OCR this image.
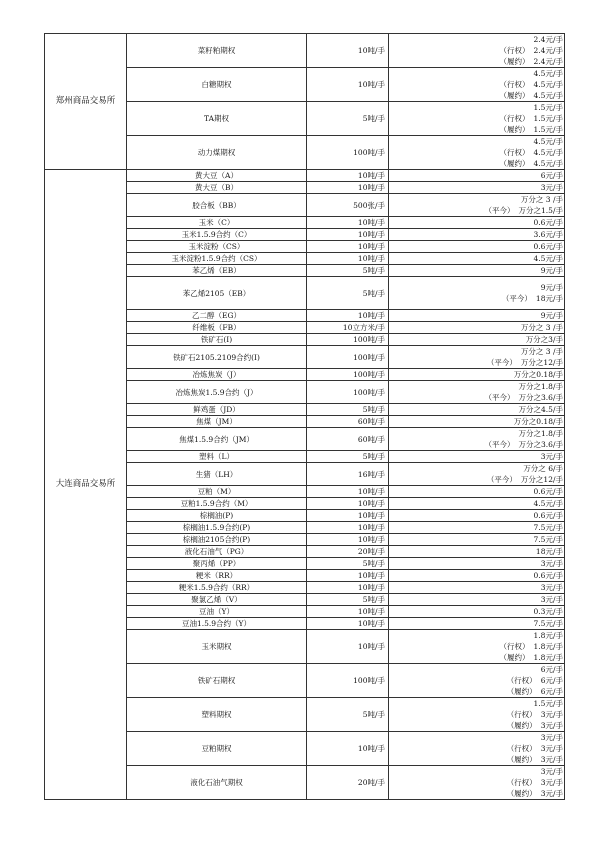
郑州商品交易所	菜籽粕期权	10吨/手	2.4元/手
（行权） 2.4元/手
（履约） 2.4元/手

	白糖期权	10吨/手	4.5元/手
（行权） 4.5元/手
（履约） 4.5元/手

	TA期权	5吨/手	1.5元/手
（行权） 1.5元/手
（履约） 1.5元/手

	动力煤期权	100吨/手	4.5元/手
（行权） 4.5元/手
（履约） 4.5元/手

大连商品交易所	黄大豆（A）	10吨/手	6元/手

	黄大豆（B）	10吨/手	3元/手

	胶合板（BB）	500张/手	万分之 3 /手
（平今） 万分之1.5/手

	玉米（C）	10吨/手	0.6元/手

	玉米1.5.9合约（C）	10吨/手	3.6元/手

	玉米淀粉（CS）	10吨/手	0.6元/手

	玉米淀粉1.5.9合约（CS）	10吨/手	4.5元/手

	苯乙烯（EB）	5吨/手	9元/手

	苯乙烯2105（EB）	5吨/手	9元/手
（平今） 18元/手

	乙二醇（EG）	10吨/手	9元/手

	纤维板（FB）	10立方米/手	万分之 3 /手

	铁矿石(I)	100吨/手	万分之3/手

	铁矿石2105.2109合约(I)	100吨/手	万分之 3 /手
（平今） 万分之12/手

	冶炼焦炭（J）	100吨/手	万分之0.18/手

	冶炼焦炭1.5.9合约（J）	100吨/手	万分之1.8/手
（平今） 万分之3.6/手

	鲜鸡蛋（JD）	5吨/手	万分之4.5/手

	焦煤（JM）	60吨/手	万分之0.18/手

	焦煤1.5.9合约（JM）	60吨/手	万分之1.8/手
（平今） 万分之3.6/手

	塑料（L）	5吨/手	3元/手

	生猪（LH）	16吨/手	万分之 6/手
（平今） 万分之12/手

	豆粕（M）	10吨/手	0.6元/手

	豆粕1.5.9合约（M）	10吨/手	4.5元/手

	棕榈油(P)	10吨/手	0.6元/手

	棕榈油1.5.9合约(P)	10吨/手	7.5元/手

	棕榈油2105合约(P)	10吨/手	7.5元/手

	液化石油气（PG）	20吨/手	18元/手

	聚丙烯（PP）	5吨/手	3元/手

	粳米（RR）	10吨/手	0.6元/手

	粳米1.5.9合约（RR）	10吨/手	3元/手

	聚氯乙烯（V）	5吨/手	3元/手

	豆油（Y）	10吨/手	0.3元/手

	豆油1.5.9合约（Y）	10吨/手	7.5元/手

	玉米期权	10吨/手	1.8元/手
（行权） 1.8元/手
（履约） 1.8元/手

	铁矿石期权	100吨/手	6元/手
（行权） 6元/手
（履约） 6元/手

	塑料期权	5吨/手	1.5元/手
（行权） 3元/手
（履约） 3元/手

	豆粕期权	10吨/手	3元/手
（行权） 3元/手
（履约） 3元/手

	液化石油气期权	20吨/手	3元/手
（行权） 3元/手
（履约） 3元/手
